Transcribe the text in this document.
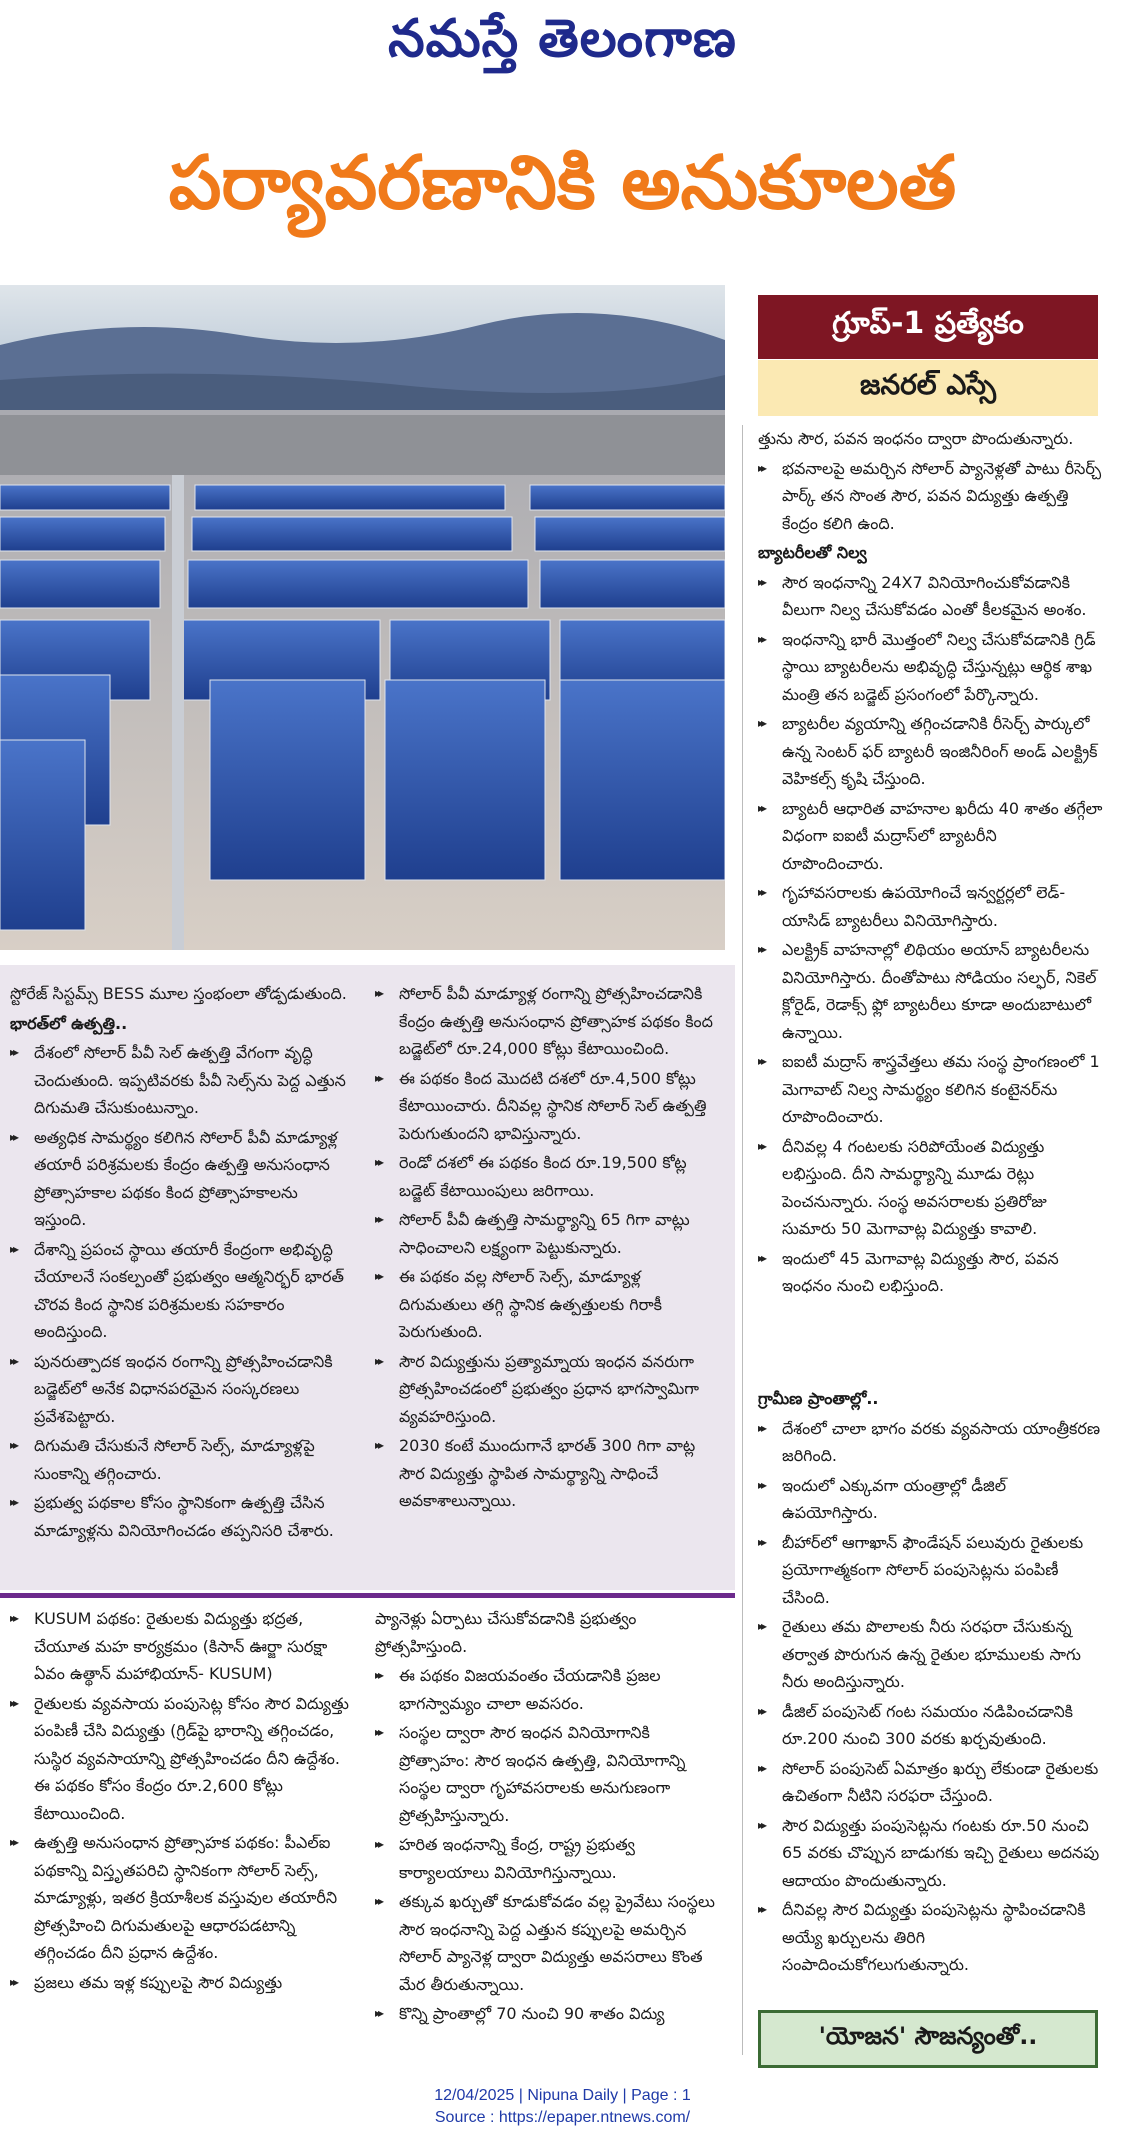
నమస్తే తెలంగాణ
పర్యావరణానికి అనుకూలత
గ్రూప్-1 ప్రత్యేకం
జనరల్ ఎస్సే

త్తును సౌర, పవన ఇంధనం ద్వారా పొందుతున్నారు.

▸▸ భవనాలపై అమర్చిన సోలార్ ప్యానెళ్లతో పాటు రీసెర్చ్ పార్క్ తన సొంత సౌర, పవన విద్యుత్తు ఉత్పత్తి కేంద్రం కలిగి ఉంది.

బ్యాటరీలతో నిల్వ

▸▸ సౌర ఇంధనాన్ని 24X7 వినియోగించుకోవడానికి వీలుగా నిల్వ చేసుకోవడం ఎంతో కీలకమైన అంశం.

▸▸ ఇంధనాన్ని భారీ మొత్తంలో నిల్వ చేసుకోవడానికి గ్రిడ్ స్థాయి బ్యాటరీలను అభివృద్ధి చేస్తున్నట్లు ఆర్థిక శాఖ మంత్రి తన బడ్జెట్ ప్రసంగంలో పేర్కొన్నారు.

▸▸ బ్యాటరీల వ్యయాన్ని తగ్గించడానికి రీసెర్చ్ పార్కులో ఉన్న సెంటర్ ఫర్ బ్యాటరీ ఇంజినీరింగ్ అండ్ ఎలక్ట్రిక్ వెహికల్స్ కృషి చేస్తుంది.

▸▸ బ్యాటరీ ఆధారిత వాహనాల ఖరీదు 40 శాతం తగ్గేలా విధంగా ఐఐటీ మద్రాస్‌లో బ్యాటరీని రూపొందించారు.

▸▸ గృహావసరాలకు ఉపయోగించే ఇన్వర్టర్లలో లెడ్-యాసిడ్ బ్యాటరీలు వినియోగిస్తారు.

▸▸ ఎలక్ట్రిక్ వాహనాల్లో లిథియం అయాన్ బ్యాటరీలను వినియోగిస్తారు. దీంతోపాటు సోడియం సల్ఫర్, నికెల్ క్లోరైడ్, రెడాక్స్ ఫ్లో బ్యాటరీలు కూడా అందుబాటులో ఉన్నాయి.

▸▸ ఐఐటీ మద్రాస్ శాస్త్రవేత్తలు తమ సంస్థ ప్రాంగణంలో 1 మెగావాట్ నిల్వ సామర్థ్యం కలిగిన కంటైనర్‌ను రూపొందించారు.

▸▸ దీనివల్ల 4 గంటలకు సరిపోయేంత విద్యుత్తు లభిస్తుంది. దీని సామర్థ్యాన్ని మూడు రెట్లు పెంచనున్నారు. సంస్థ అవసరాలకు ప్రతిరోజు సుమారు 50 మెగావాట్ల విద్యుత్తు కావాలి.

▸▸ ఇందులో 45 మెగావాట్ల విద్యుత్తు సౌర, పవన ఇంధనం నుంచి లభిస్తుంది.

గ్రామీణ ప్రాంతాల్లో..

▸▸ దేశంలో చాలా భాగం వరకు వ్యవసాయ యాంత్రీకరణ జరిగింది.

▸▸ ఇందులో ఎక్కువగా యంత్రాల్లో డీజిల్ ఉపయోగిస్తారు.

▸▸ బీహార్‌లో ఆగాఖాన్ ఫౌండేషన్ పలువురు రైతులకు ప్రయోగాత్మకంగా సోలార్ పంపుసెట్లను పంపిణీ చేసింది.

▸▸ రైతులు తమ పొలాలకు నీరు సరఫరా చేసుకున్న తర్వాత పొరుగున ఉన్న రైతుల భూములకు సాగు నీరు అందిస్తున్నారు.

▸▸ డీజిల్ పంపుసెట్ గంట సమయం నడిపించడానికి రూ.200 నుంచి 300 వరకు ఖర్చవుతుంది.

▸▸ సోలార్ పంపుసెట్ ఏమాత్రం ఖర్చు లేకుండా రైతులకు ఉచితంగా నీటిని సరఫరా చేస్తుంది.

▸▸ సౌర విద్యుత్తు పంపుసెట్లను గంటకు రూ.50 నుంచి 65 వరకు చొప్పున బాడుగకు ఇచ్చి రైతులు అదనపు ఆదాయం పొందుతున్నారు.

▸▸ దీనివల్ల సౌర విద్యుత్తు పంపుసెట్లను స్థాపించడానికి అయ్యే ఖర్చులను తిరిగి సంపాదించుకోగలుగుతున్నారు.

స్టోరేజ్ సిస్టమ్స్ BESS మూల స్తంభంలా తోడ్పడుతుంది.

భారత్‌లో ఉత్పత్తి..

▸▸ దేశంలో సోలార్ పీవీ సెల్ ఉత్పత్తి వేగంగా వృద్ధి చెందుతుంది. ఇప్పటివరకు పీవీ సెల్స్‌ను పెద్ద ఎత్తున దిగుమతి చేసుకుంటున్నాం.

▸▸ అత్యధిక సామర్థ్యం కలిగిన సోలార్ పీవీ మాడ్యూళ్ల తయారీ పరిశ్రమలకు కేంద్రం ఉత్పత్తి అనుసంధాన ప్రోత్సాహకాల పథకం కింద ప్రోత్సాహకాలను ఇస్తుంది.

▸▸ దేశాన్ని ప్రపంచ స్థాయి తయారీ కేంద్రంగా అభివృద్ధి చేయాలనే సంకల్పంతో ప్రభుత్వం ఆత్మనిర్భర్ భారత్ చొరవ కింద స్థానిక పరిశ్రమలకు సహకారం అందిస్తుంది.

▸▸ పునరుత్పాదక ఇంధన రంగాన్ని ప్రోత్సహించడానికి బడ్జెట్‌లో అనేక విధానపరమైన సంస్కరణలు ప్రవేశపెట్టారు.

▸▸ దిగుమతి చేసుకునే సోలార్ సెల్స్, మాడ్యూళ్లపై సుంకాన్ని తగ్గించారు.

▸▸ ప్రభుత్వ పథకాల కోసం స్థానికంగా ఉత్పత్తి చేసిన మాడ్యూళ్లను వినియోగించడం తప్పనిసరి చేశారు.

▸▸ సోలార్ పీవీ మాడ్యూళ్ల రంగాన్ని ప్రోత్సహించడానికి కేంద్రం ఉత్పత్తి అనుసంధాన ప్రోత్సాహక పథకం కింద బడ్జెట్‌లో రూ.24,000 కోట్లు కేటాయించింది.

▸▸ ఈ పథకం కింద మొదటి దశలో రూ.4,500 కోట్లు కేటాయించారు. దీనివల్ల స్థానిక సోలార్ సెల్ ఉత్పత్తి పెరుగుతుందని భావిస్తున్నారు.

▸▸ రెండో దశలో ఈ పథకం కింద రూ.19,500 కోట్ల బడ్జెట్ కేటాయింపులు జరిగాయి.

▸▸ సోలార్ పీవీ ఉత్పత్తి సామర్థ్యాన్ని 65 గిగా వాట్లు సాధించాలని లక్ష్యంగా పెట్టుకున్నారు.

▸▸ ఈ పథకం వల్ల సోలార్ సెల్స్, మాడ్యూళ్ల దిగుమతులు తగ్గి స్థానిక ఉత్పత్తులకు గిరాకీ పెరుగుతుంది.

▸▸ సౌర విద్యుత్తును ప్రత్యామ్నాయ ఇంధన వనరుగా ప్రోత్సహించడంలో ప్రభుత్వం ప్రధాన భాగస్వామిగా వ్యవహరిస్తుంది.

▸▸ 2030 కంటే ముందుగానే భారత్ 300 గిగా వాట్ల సౌర విద్యుత్తు స్థాపిత సామర్థ్యాన్ని సాధించే అవకాశాలున్నాయి.

▸▸ KUSUM పథకం: రైతులకు విద్యుత్తు భద్రత, చేయూత మహ కార్యక్రమం (కిసాన్ ఊర్జా సురక్షా ఏవం ఉత్థాన్ మహాభియాన్- KUSUM)

▸▸ రైతులకు వ్యవసాయ పంపుసెట్ల కోసం సౌర విద్యుత్తు పంపిణీ చేసి విద్యుత్తు (గ్రిడ్‌పై భారాన్ని తగ్గించడం, సుస్థిర వ్యవసాయాన్ని ప్రోత్సహించడం దీని ఉద్దేశం. ఈ పథకం కోసం కేంద్రం రూ.2,600 కోట్లు కేటాయించింది.

▸▸ ఉత్పత్తి అనుసంధాన ప్రోత్సాహక పథకం: పీఎల్ఐ పథకాన్ని విస్తృతపరిచి స్థానికంగా సోలార్ సెల్స్, మాడ్యూళ్లు, ఇతర క్రియాశీలక వస్తువుల తయారీని ప్రోత్సహించి దిగుమతులపై ఆధారపడటాన్ని తగ్గించడం దీని ప్రధాన ఉద్దేశం.

▸▸ ప్రజలు తమ ఇళ్ల కప్పులపై సౌర విద్యుత్తు

ప్యానెళ్లు ఏర్పాటు చేసుకోవడానికి ప్రభుత్వం ప్రోత్సహిస్తుంది.

▸▸ ఈ పథకం విజయవంతం చేయడానికి ప్రజల భాగస్వామ్యం చాలా అవసరం.

▸▸ సంస్థల ద్వారా సౌర ఇంధన వినియోగానికి ప్రోత్సాహం: సౌర ఇంధన ఉత్పత్తి, వినియోగాన్ని సంస్థల ద్వారా గృహావసరాలకు అనుగుణంగా ప్రోత్సహిస్తున్నారు.

▸▸ హరిత ఇంధనాన్ని కేంద్ర, రాష్ట్ర ప్రభుత్వ కార్యాలయాలు వినియోగిస్తున్నాయి.

▸▸ తక్కువ ఖర్చుతో కూడుకోవడం వల్ల ప్రైవేటు సంస్థలు సౌర ఇంధనాన్ని పెద్ద ఎత్తున కప్పులపై అమర్చిన సోలార్ ప్యానెళ్ల ద్వారా విద్యుత్తు అవసరాలు కొంత మేర తీరుతున్నాయి.

▸▸ కొన్ని ప్రాంతాల్లో 70 నుంచి 90 శాతం విద్యు

'యోజన' సౌజన్యంతో..
12/04/2025 | Nipuna Daily | Page : 1
Source : https://epaper.ntnews.com/
